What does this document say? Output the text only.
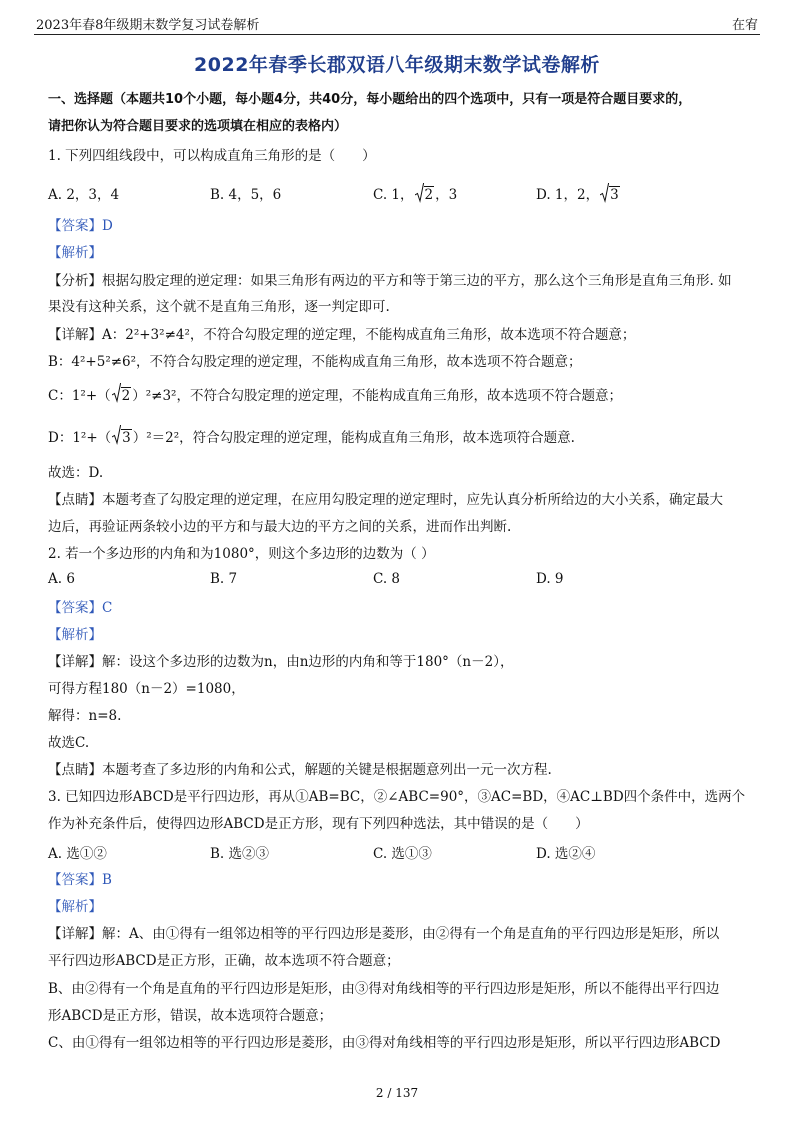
2023年春8年级期末数学复习试卷解析	在宥
2022年春季长郡双语八年级期末数学试卷解析
一、选择题（本题共10个小题，每小题4分，共40分，每小题给出的四个选项中，只有一项是符合题目要求的，
请把你认为符合题目要求的选项填在相应的表格内）
1. 下列四组线段中，可以构成直角三角形的是（　　）
A. 2，3，4	B. 4，5，6	C. 1， 2 ，3	D. 1，2， 3
【答案】D
【解析】
【分析】根据勾股定理的逆定理：如果三角形有两边的平方和等于第三边的平方，那么这个三角形是直角三角形. 如
果没有这种关系，这个就不是直角三角形，逐一判定即可.
【详解】A：2²+3²≠4²，不符合勾股定理的逆定理，不能构成直角三角形，故本选项不符合题意；
B：4²+5²≠6²，不符合勾股定理的逆定理，不能构成直角三角形，故本选项不符合题意；
C：1²+（ 2 ）²≠3²，不符合勾股定理的逆定理，不能构成直角三角形，故本选项不符合题意；
D：1²+（ 3 ）²＝2²，符合勾股定理的逆定理，能构成直角三角形，故本选项符合题意.
故选：D.
【点睛】本题考查了勾股定理的逆定理，在应用勾股定理的逆定理时，应先认真分析所给边的大小关系，确定最大
边后，再验证两条较小边的平方和与最大边的平方之间的关系，进而作出判断.
2. 若一个多边形的内角和为1080°，则这个多边形的边数为（ ）
A. 6	B. 7	C. 8	D. 9
【答案】C
【解析】
【详解】解：设这个多边形的边数为n，由n边形的内角和等于180°（n－2），
可得方程180（n－2）=1080，
解得：n=8.
故选C.
【点睛】本题考查了多边形的内角和公式，解题的关键是根据题意列出一元一次方程.
3. 已知四边形ABCD是平行四边形，再从①AB=BC，②∠ABC=90°，③AC=BD，④AC⊥BD四个条件中，选两个
作为补充条件后，使得四边形ABCD是正方形，现有下列四种选法，其中错误的是（　　）
A. 选①②	B. 选②③	C. 选①③	D. 选②④
【答案】B
【解析】
【详解】解：A、由①得有一组邻边相等的平行四边形是菱形，由②得有一个角是直角的平行四边形是矩形，所以
平行四边形ABCD是正方形，正确，故本选项不符合题意；
B、由②得有一个角是直角的平行四边形是矩形，由③得对角线相等的平行四边形是矩形，所以不能得出平行四边
形ABCD是正方形，错误，故本选项符合题意；
C、由①得有一组邻边相等的平行四边形是菱形，由③得对角线相等的平行四边形是矩形，所以平行四边形ABCD
2 / 137
